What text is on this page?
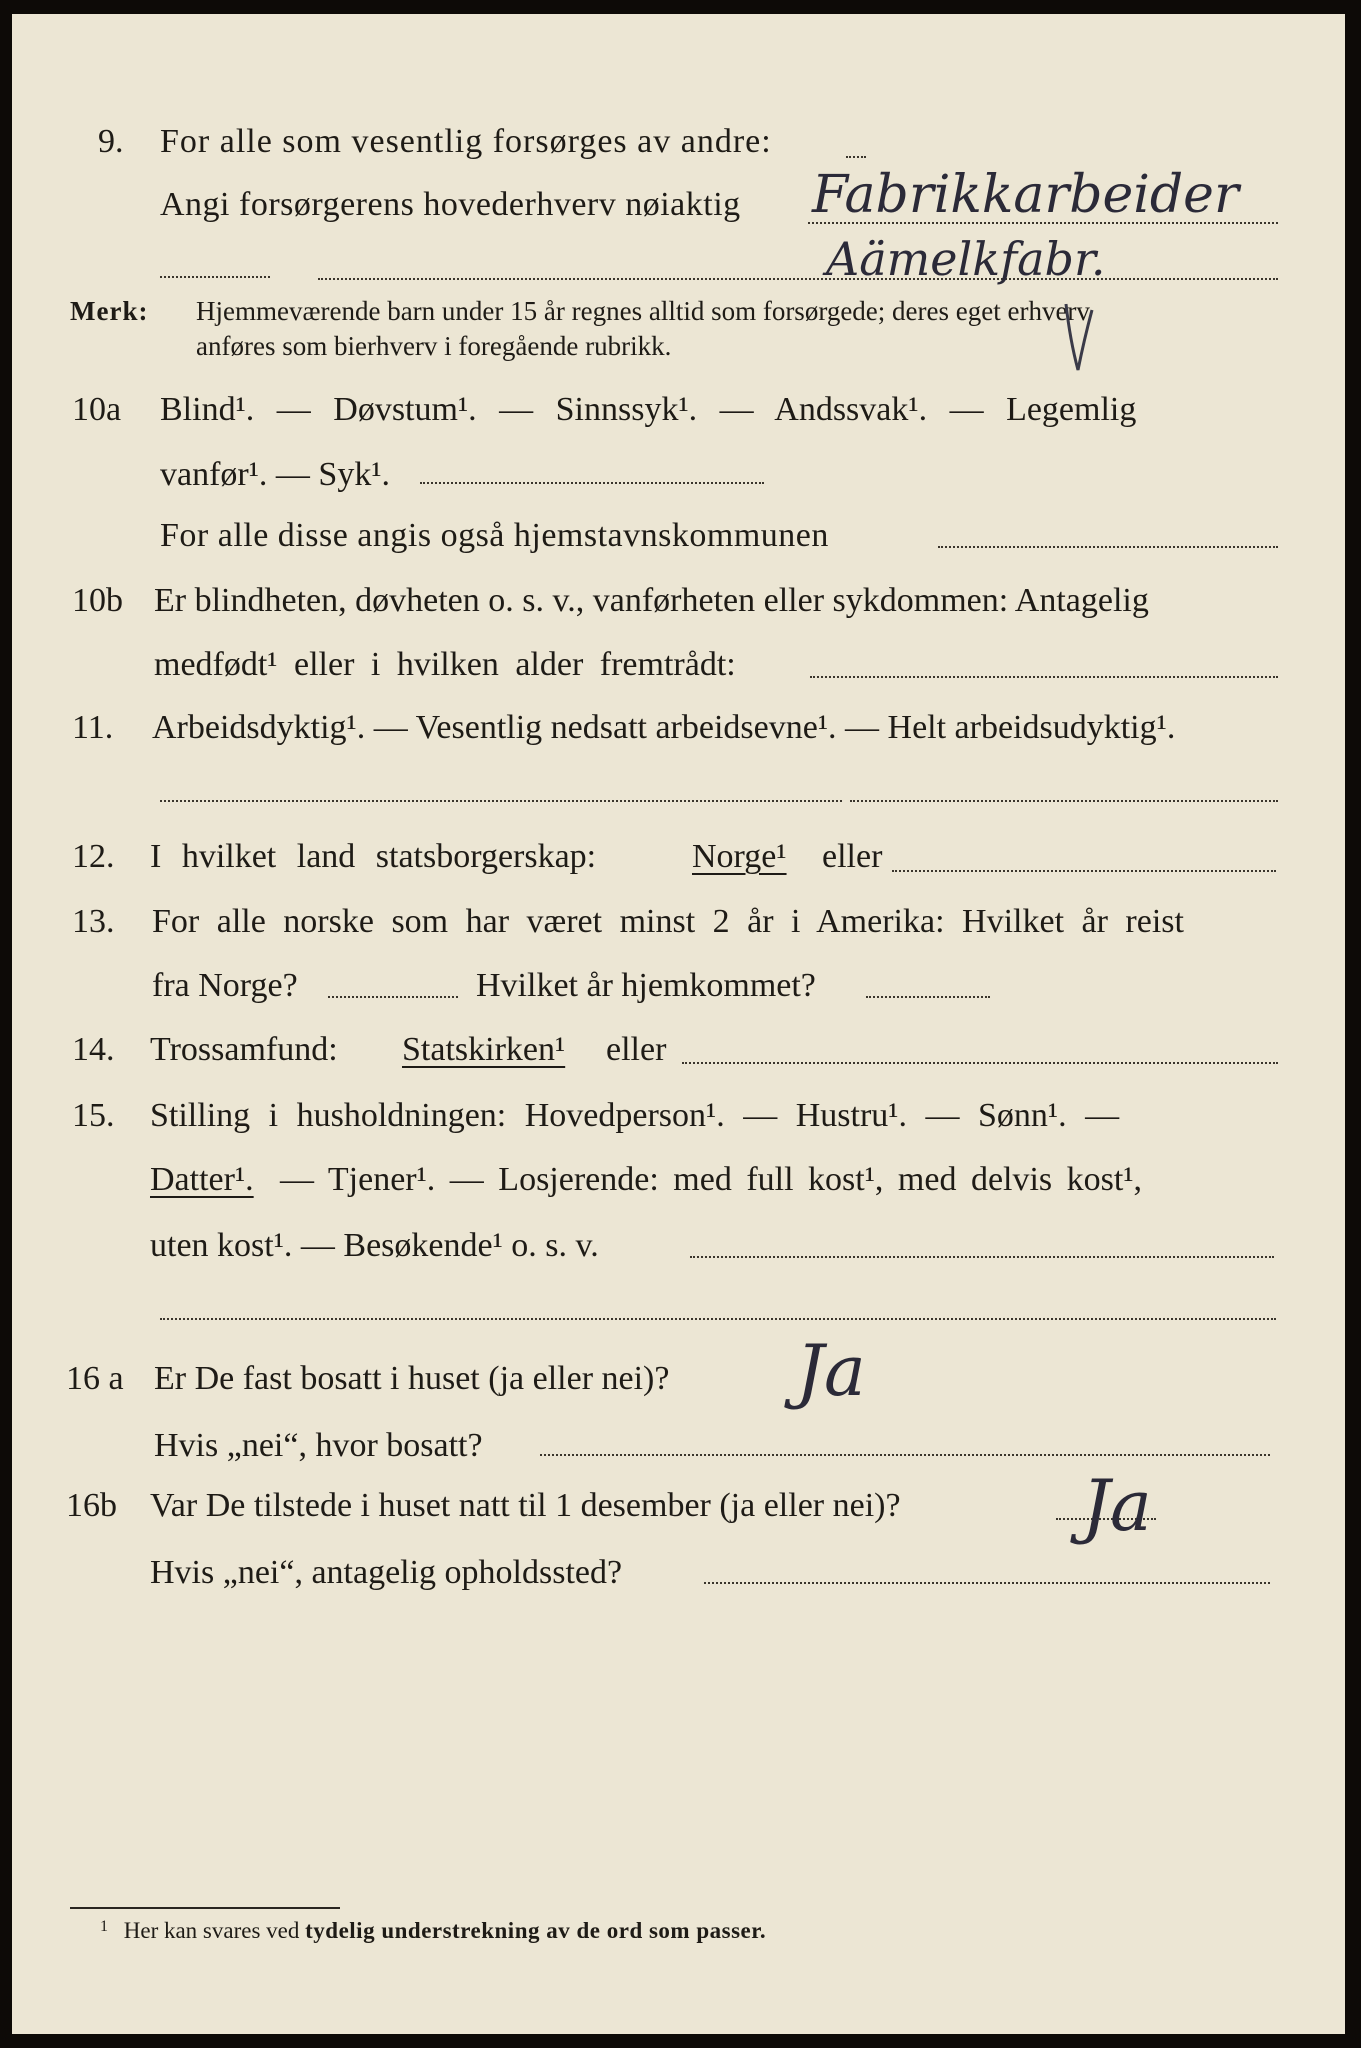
9. For alle som vesentlig forsørges av andre:
Angi forsørgerens hovederhverv nøiaktig Fabrikkarbeider
Aämelkfabr.
Merk: Hjemmeværende barn under 15 år regnes alltid som forsørgede; deres eget erhverv
anføres som bierhverv i foregående rubrikk.
10a Blind¹. — Døvstum¹. — Sinnssyk¹. — Andssvak¹. — Legemlig
vanfør¹. — Syk¹.
For alle disse angis også hjemstavnskommunen
10b Er blindheten, døvheten o. s. v., vanførheten eller sykdommen: Antagelig
medfødt¹ eller i hvilken alder fremtrådt:
11. Arbeidsdyktig¹. — Vesentlig nedsatt arbeidsevne¹. — Helt arbeidsudyktig¹.
12. I hvilket land statsborgerskap:	Norge¹ eller
13. For alle norske som har været minst 2 år i Amerika: Hvilket år reist
fra Norge?	Hvilket år hjemkommet?
14. Trossamfund: Statskirken¹ eller
15. Stilling i husholdningen: Hovedperson¹. — Hustru¹. — Sønn¹. —
Datter¹. — Tjener¹. — Losjerende: med full kost¹, med delvis kost¹,
uten kost¹. — Besøkende¹ o. s. v.
16 a Er De fast bosatt i huset (ja eller nei)? Ja
Hvis „nei“, hvor bosatt?
16b Var De tilstede i huset natt til 1 desember (ja eller nei)?	Ja
Hvis „nei“, antagelig opholdssted?
$^1$ Her kan svares ved tydelig understrekning av de ord som passer.
